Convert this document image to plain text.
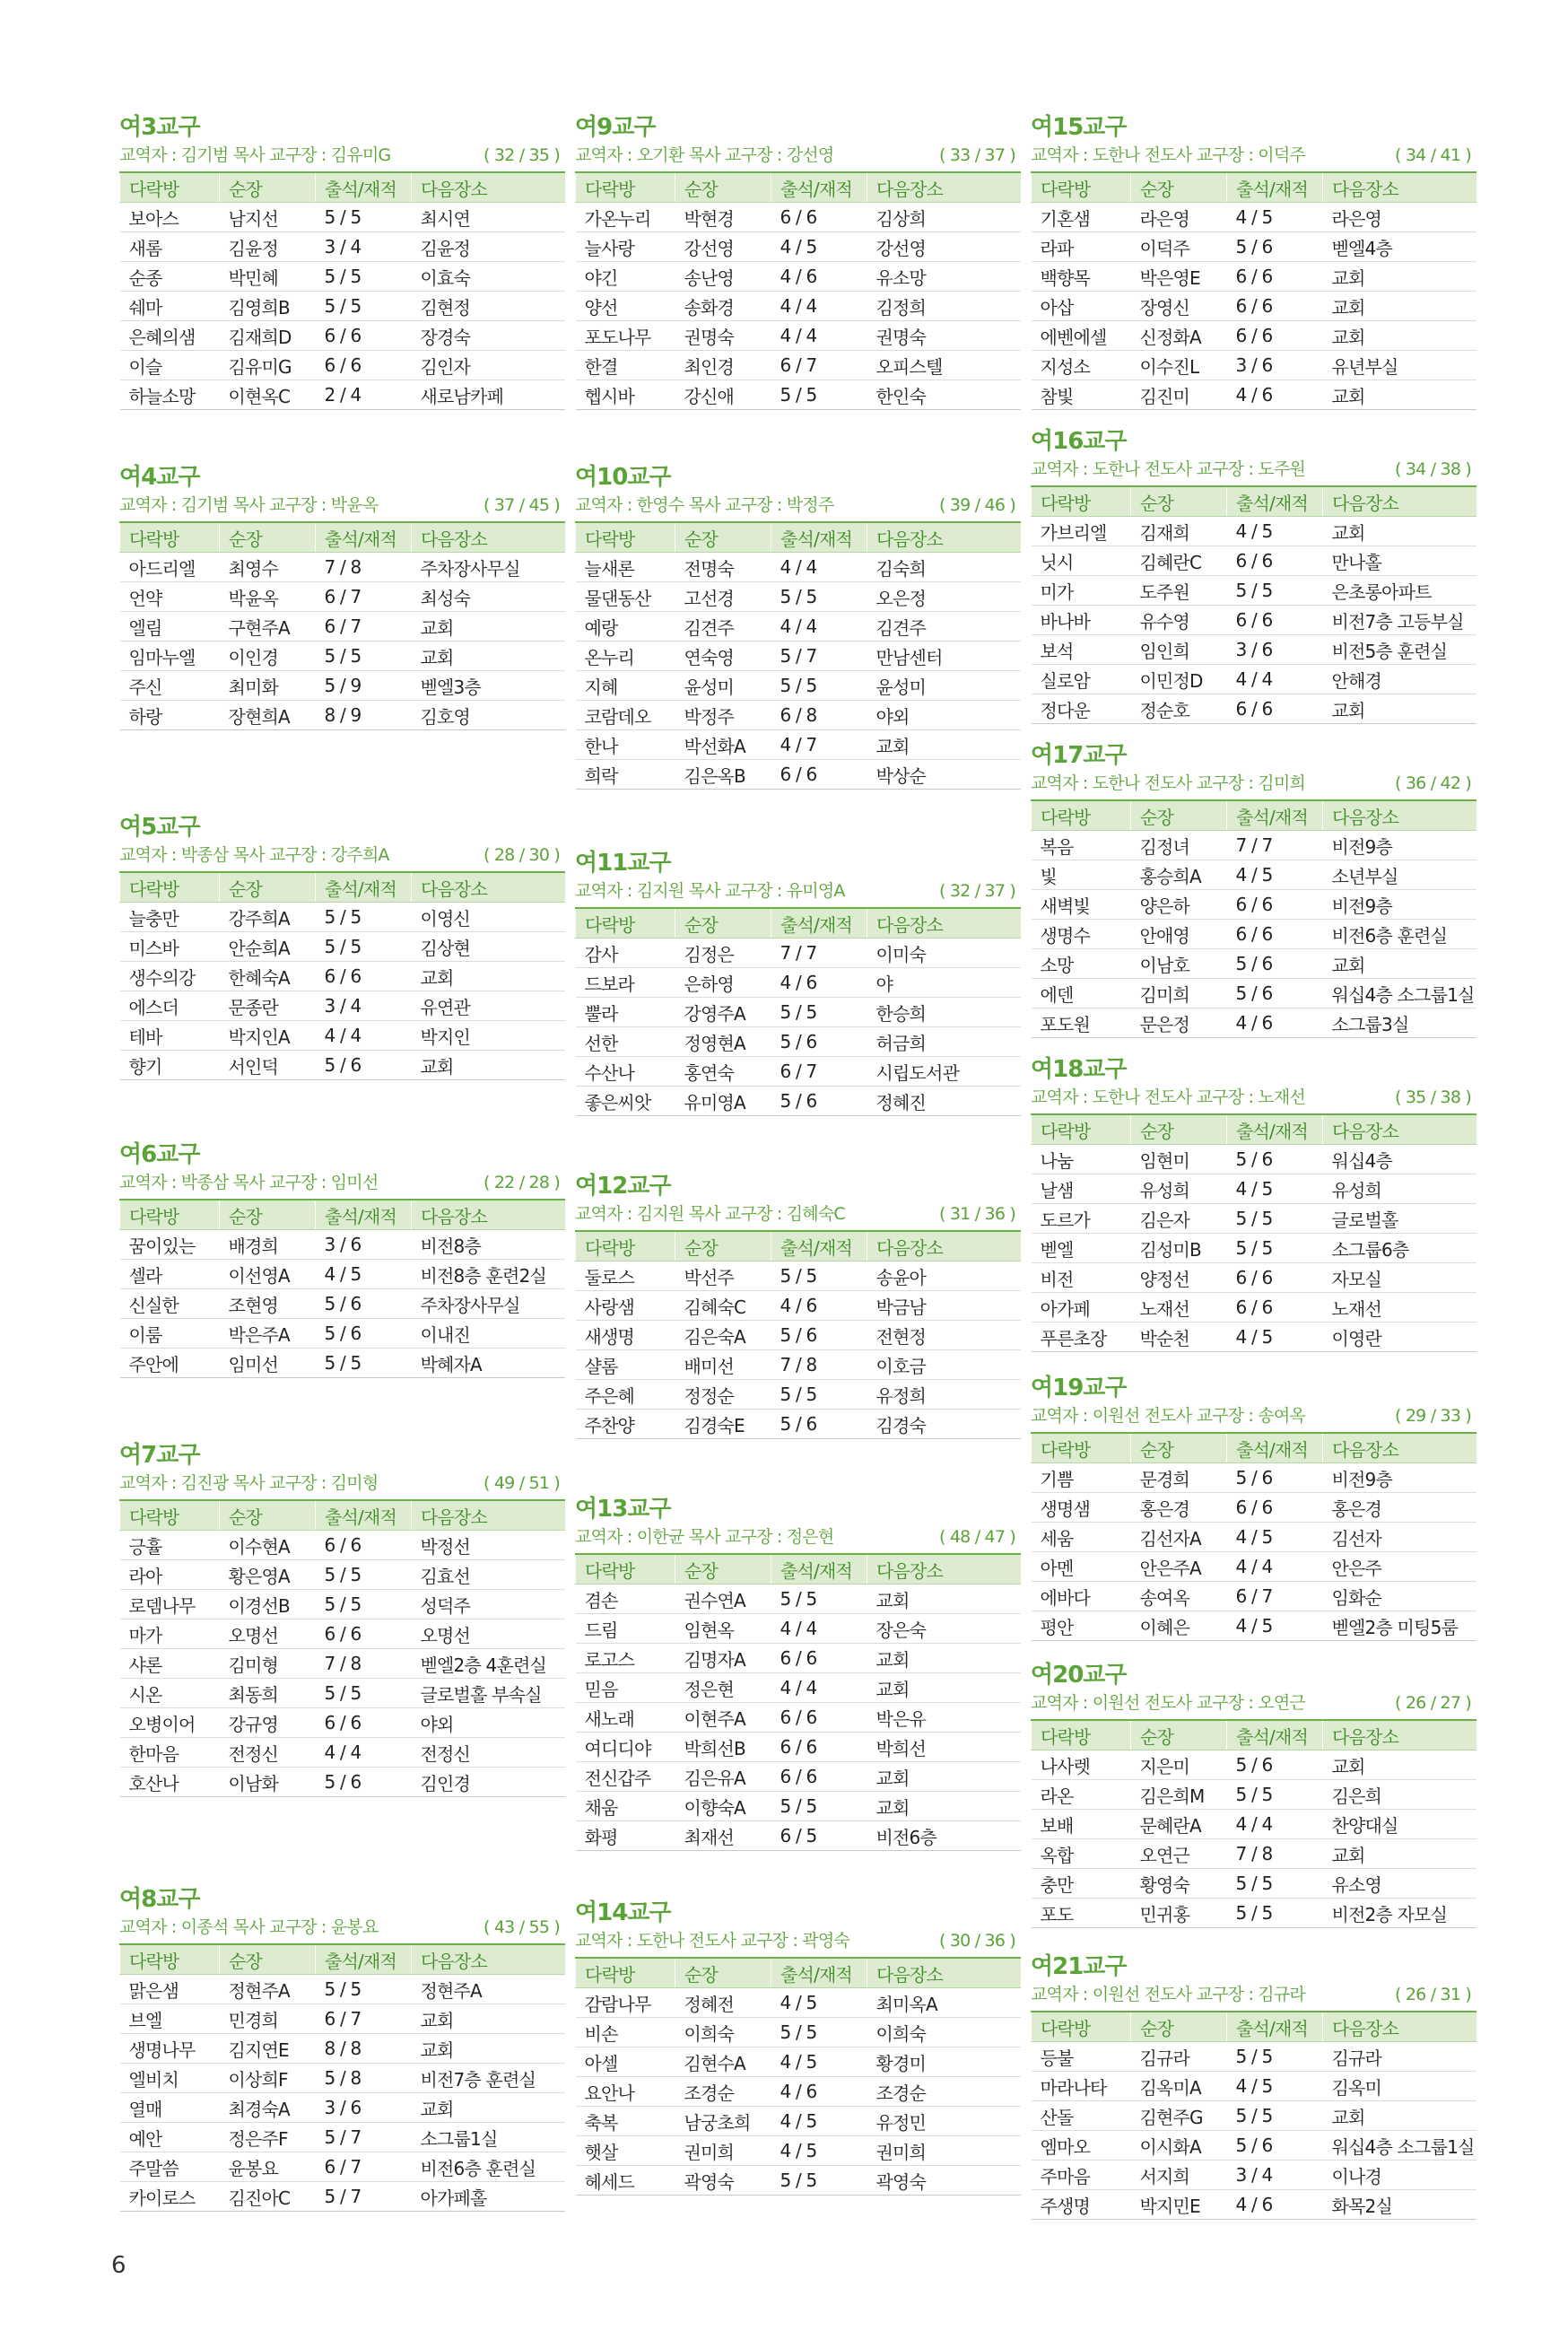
여3교구
교역자 : 김기범 목사 교구장 : 김유미G	( 32 / 35 )
다락방	순장	출석/재적	다음장소
보아스	남지선	5 / 5	최시연
새롬	김윤정	3 / 4	김윤정
순종	박민혜	5 / 5	이효숙
쉐마	김영희B	5 / 5	김현정
은혜의샘	김재희D	6 / 6	장경숙
이슬	김유미G	6 / 6	김인자
하늘소망	이현옥C	2 / 4	새로남카페
여4교구
교역자 : 김기범 목사 교구장 : 박윤옥	( 37 / 45 )
다락방	순장	출석/재적	다음장소
아드리엘	최영수	7 / 8	주차장사무실
언약	박윤옥	6 / 7	최성숙
엘림	구현주A	6 / 7	교회
임마누엘	이인경	5 / 5	교회
주신	최미화	5 / 9	벧엘3층
하랑	장현희A	8 / 9	김호영
여5교구
교역자 : 박종삼 목사 교구장 : 강주희A	( 28 / 30 )
다락방	순장	출석/재적	다음장소
늘충만	강주희A	5 / 5	이영신
미스바	안순희A	5 / 5	김상현
생수의강	한혜숙A	6 / 6	교회
에스더	문종란	3 / 4	유연관
테바	박지인A	4 / 4	박지인
향기	서인덕	5 / 6	교회
여6교구
교역자 : 박종삼 목사 교구장 : 임미선	( 22 / 28 )
다락방	순장	출석/재적	다음장소
꿈이있는	배경희	3 / 6	비전8층
셀라	이선영A	4 / 5	비전8층 훈련2실
신실한	조현영	5 / 6	주차장사무실
이룸	박은주A	5 / 6	이내진
주안에	임미선	5 / 5	박혜자A
여7교구
교역자 : 김진광 목사 교구장 : 김미형	( 49 / 51 )
다락방	순장	출석/재적	다음장소
긍휼	이수현A	6 / 6	박정선
라아	황은영A	5 / 5	김효선
로뎀나무	이경선B	5 / 5	성덕주
마가	오명선	6 / 6	오명선
샤론	김미형	7 / 8	벧엘2층 4훈련실
시온	최동희	5 / 5	글로벌홀 부속실
오병이어	강규영	6 / 6	야외
한마음	전정신	4 / 4	전정신
호산나	이남화	5 / 6	김인경
여8교구
교역자 : 이종석 목사 교구장 : 윤봉요	( 43 / 55 )
다락방	순장	출석/재적	다음장소
맑은샘	정현주A	5 / 5	정현주A
브엘	민경희	6 / 7	교회
생명나무	김지연E	8 / 8	교회
엘비치	이상희F	5 / 8	비전7층 훈련실
열매	최경숙A	3 / 6	교회
예안	정은주F	5 / 7	소그룹1실
주말씀	윤봉요	6 / 7	비전6층 훈련실
카이로스	김진아C	5 / 7	아가페홀
여9교구
교역자 : 오기환 목사 교구장 : 강선영	( 33 / 37 )
다락방	순장	출석/재적	다음장소
가온누리	박현경	6 / 6	김상희
늘사랑	강선영	4 / 5	강선영
야긴	송난영	4 / 6	유소망
양선	송화경	4 / 4	김정희
포도나무	권명숙	4 / 4	권명숙
한결	최인경	6 / 7	오피스텔
헵시바	강신애	5 / 5	한인숙
여10교구
교역자 : 한영수 목사 교구장 : 박정주	( 39 / 46 )
다락방	순장	출석/재적	다음장소
늘새론	전명숙	4 / 4	김숙희
물댄동산	고선경	5 / 5	오은정
예랑	김견주	4 / 4	김견주
온누리	연숙영	5 / 7	만남센터
지혜	윤성미	5 / 5	윤성미
코람데오	박정주	6 / 8	야외
한나	박선화A	4 / 7	교회
희락	김은옥B	6 / 6	박상순
여11교구
교역자 : 김지원 목사 교구장 : 유미영A	( 32 / 37 )
다락방	순장	출석/재적	다음장소
감사	김정은	7 / 7	이미숙
드보라	은하영	4 / 6	야
뿔라	강영주A	5 / 5	한승희
선한	정영현A	5 / 6	허금희
수산나	홍연숙	6 / 7	시립도서관
좋은씨앗	유미영A	5 / 6	정혜진
여12교구
교역자 : 김지원 목사 교구장 : 김혜숙C	( 31 / 36 )
다락방	순장	출석/재적	다음장소
둘로스	박선주	5 / 5	송윤아
사랑샘	김혜숙C	4 / 6	박금남
새생명	김은숙A	5 / 6	전현정
샬롬	배미선	7 / 8	이호금
주은혜	정정순	5 / 5	유정희
주찬양	김경숙E	5 / 6	김경숙
여13교구
교역자 : 이한균 목사 교구장 : 정은현	( 48 / 47 )
다락방	순장	출석/재적	다음장소
겸손	권수연A	5 / 5	교회
드림	임현옥	4 / 4	장은숙
로고스	김명자A	6 / 6	교회
믿음	정은현	4 / 4	교회
새노래	이현주A	6 / 6	박은유
여디디야	박희선B	6 / 6	박희선
전신갑주	김은유A	6 / 6	교회
채움	이향숙A	5 / 5	교회
화평	최재선	6 / 5	비전6층
여14교구
교역자 : 도한나 전도사 교구장 : 곽영숙	( 30 / 36 )
다락방	순장	출석/재적	다음장소
감람나무	정혜전	4 / 5	최미옥A
비손	이희숙	5 / 5	이희숙
아셀	김현수A	4 / 5	황경미
요안나	조경순	4 / 6	조경순
축복	남궁초희	4 / 5	유정민
햇살	권미희	4 / 5	권미희
헤세드	곽영숙	5 / 5	곽영숙
여15교구
교역자 : 도한나 전도사 교구장 : 이덕주	( 34 / 41 )
다락방	순장	출석/재적	다음장소
기혼샘	라은영	4 / 5	라은영
라파	이덕주	5 / 6	벧엘4층
백향목	박은영E	6 / 6	교회
아삽	장영신	6 / 6	교회
에벤에셀	신정화A	6 / 6	교회
지성소	이수진L	3 / 6	유년부실
참빛	김진미	4 / 6	교회
여16교구
교역자 : 도한나 전도사 교구장 : 도주원	( 34 / 38 )
다락방	순장	출석/재적	다음장소
가브리엘	김재희	4 / 5	교회
닛시	김혜란C	6 / 6	만나홀
미가	도주원	5 / 5	은초롱아파트
바나바	유수영	6 / 6	비전7층 고등부실
보석	임인희	3 / 6	비전5층 훈련실
실로암	이민정D	4 / 4	안해경
정다운	정순호	6 / 6	교회
여17교구
교역자 : 도한나 전도사 교구장 : 김미희	( 36 / 42 )
다락방	순장	출석/재적	다음장소
복음	김정녀	7 / 7	비전9층
빛	홍승희A	4 / 5	소년부실
새벽빛	양은하	6 / 6	비전9층
생명수	안애영	6 / 6	비전6층 훈련실
소망	이남호	5 / 6	교회
에덴	김미희	5 / 6	워십4층 소그룹1실
포도원	문은정	4 / 6	소그룹3실
여18교구
교역자 : 도한나 전도사 교구장 : 노재선	( 35 / 38 )
다락방	순장	출석/재적	다음장소
나눔	임현미	5 / 6	워십4층
날샘	유성희	4 / 5	유성희
도르가	김은자	5 / 5	글로벌홀
벧엘	김성미B	5 / 5	소그룹6층
비전	양정선	6 / 6	자모실
아가페	노재선	6 / 6	노재선
푸른초장	박순천	4 / 5	이영란
여19교구
교역자 : 이원선 전도사 교구장 : 송여옥	( 29 / 33 )
다락방	순장	출석/재적	다음장소
기쁨	문경희	5 / 6	비전9층
생명샘	홍은경	6 / 6	홍은경
세움	김선자A	4 / 5	김선자
아멘	안은주A	4 / 4	안은주
에바다	송여옥	6 / 7	임화순
평안	이혜은	4 / 5	벧엘2층 미팅5룸
여20교구
교역자 : 이원선 전도사 교구장 : 오연근	( 26 / 27 )
다락방	순장	출석/재적	다음장소
나사렛	지은미	5 / 6	교회
라온	김은희M	5 / 5	김은희
보배	문혜란A	4 / 4	찬양대실
옥합	오연근	7 / 8	교회
충만	황영숙	5 / 5	유소영
포도	민귀홍	5 / 5	비전2층 자모실
여21교구
교역자 : 이원선 전도사 교구장 : 김규라	( 26 / 31 )
다락방	순장	출석/재적	다음장소
등불	김규라	5 / 5	김규라
마라나타	김옥미A	4 / 5	김옥미
산돌	김현주G	5 / 5	교회
엠마오	이시화A	5 / 6	워십4층 소그룹1실
주마음	서지희	3 / 4	이나경
주생명	박지민E	4 / 6	화목2실
6
